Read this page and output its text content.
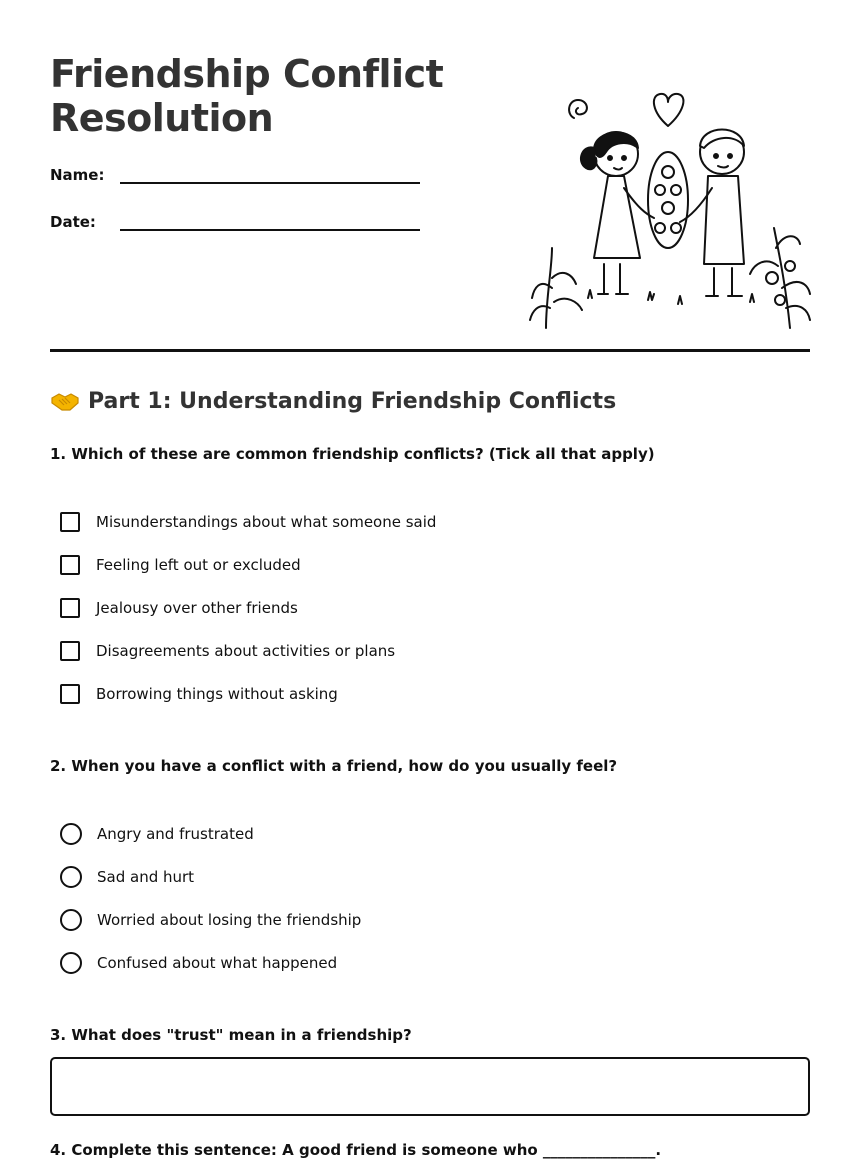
Friendship Conflict
Resolution
Name:
Date:
Part 1: Understanding Friendship Conflicts

1. Which of these are common friendship conflicts? (Tick all that apply)

Misunderstandings about what someone said
Feeling left out or excluded
Jealousy over other friends
Disagreements about activities or plans
Borrowing things without asking

2. When you have a conflict with a friend, how do you usually feel?

Angry and frustrated
Sad and hurt
Worried about losing the friendship
Confused about what happened

3. What does "trust" mean in a friendship?

4. Complete this sentence: A good friend is someone who _______________.
